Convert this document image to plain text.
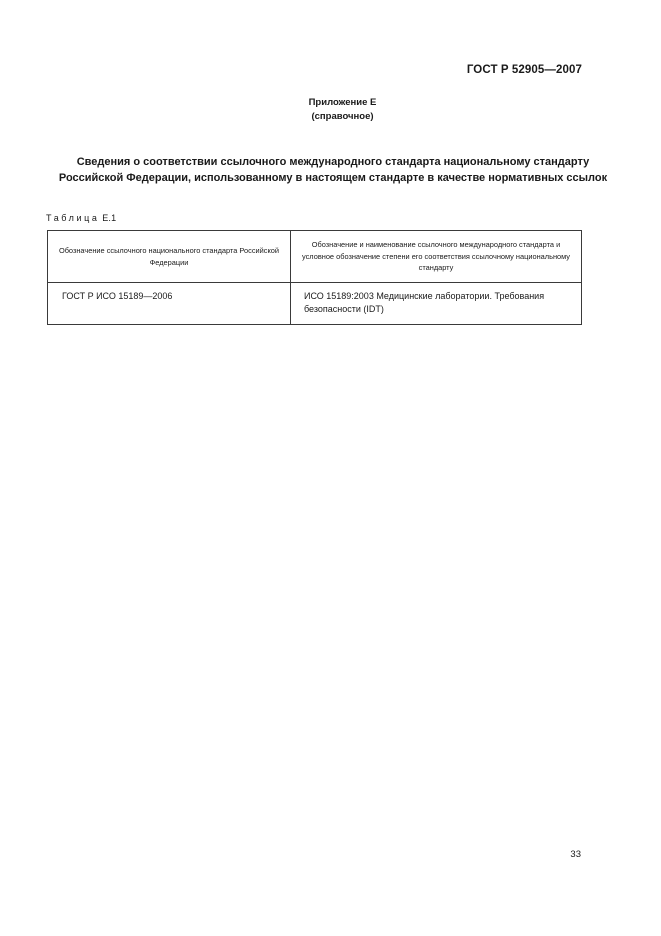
ГОСТ Р 52905—2007
Приложение Е
(справочное)
Сведения о соответствии ссылочного международного стандарта национальному стандарту Российской Федерации, использованному в настоящем стандарте в качестве нормативных ссылок
Таблица Е.1
Обозначение ссылочного национального стандарта Российской Федерации	Обозначение и наименование ссылочного международного стандарта и условное обозначение степени его соответствия ссылочному национальному стандарту
ГОСТ Р ИСО 15189—2006	ИСО 15189:2003 Медицинские лаборатории. Требования безопасности (IDT)
33
